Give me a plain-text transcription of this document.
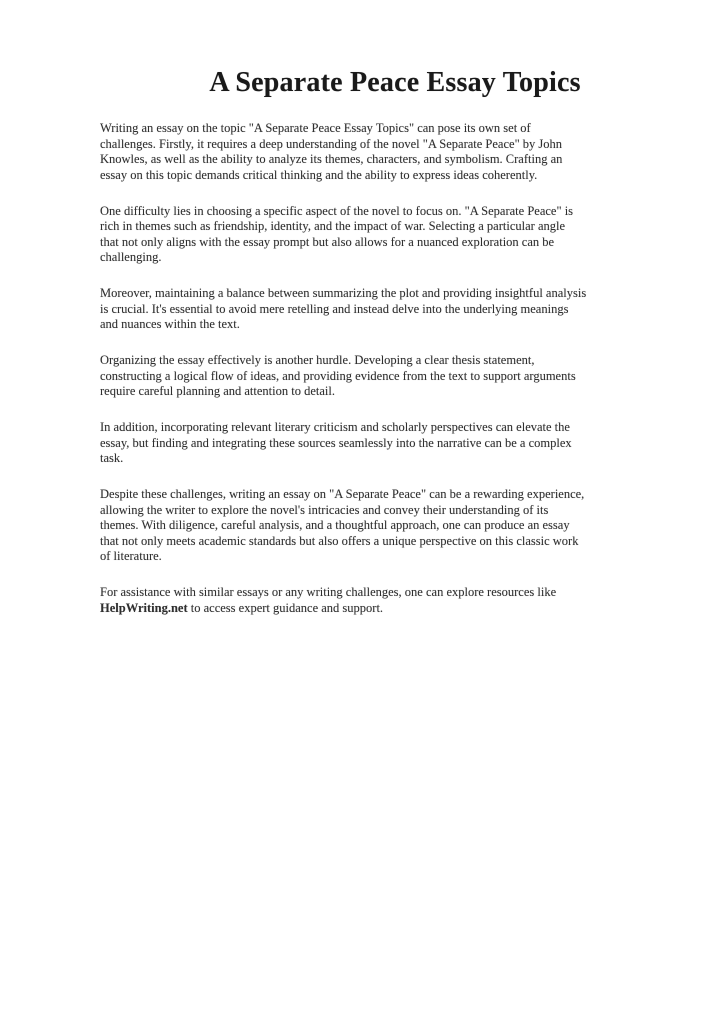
A Separate Peace Essay Topics

Writing an essay on the topic "A Separate Peace Essay Topics" can pose its own set of
challenges. Firstly, it requires a deep understanding of the novel "A Separate Peace" by John
Knowles, as well as the ability to analyze its themes, characters, and symbolism. Crafting an
essay on this topic demands critical thinking and the ability to express ideas coherently.

One difficulty lies in choosing a specific aspect of the novel to focus on. "A Separate Peace" is
rich in themes such as friendship, identity, and the impact of war. Selecting a particular angle
that not only aligns with the essay prompt but also allows for a nuanced exploration can be
challenging.

Moreover, maintaining a balance between summarizing the plot and providing insightful analysis
is crucial. It's essential to avoid mere retelling and instead delve into the underlying meanings
and nuances within the text.

Organizing the essay effectively is another hurdle. Developing a clear thesis statement,
constructing a logical flow of ideas, and providing evidence from the text to support arguments
require careful planning and attention to detail.

In addition, incorporating relevant literary criticism and scholarly perspectives can elevate the
essay, but finding and integrating these sources seamlessly into the narrative can be a complex
task.

Despite these challenges, writing an essay on "A Separate Peace" can be a rewarding experience,
allowing the writer to explore the novel's intricacies and convey their understanding of its
themes. With diligence, careful analysis, and a thoughtful approach, one can produce an essay
that not only meets academic standards but also offers a unique perspective on this classic work
of literature.

For assistance with similar essays or any writing challenges, one can explore resources like
HelpWriting.net to access expert guidance and support.
